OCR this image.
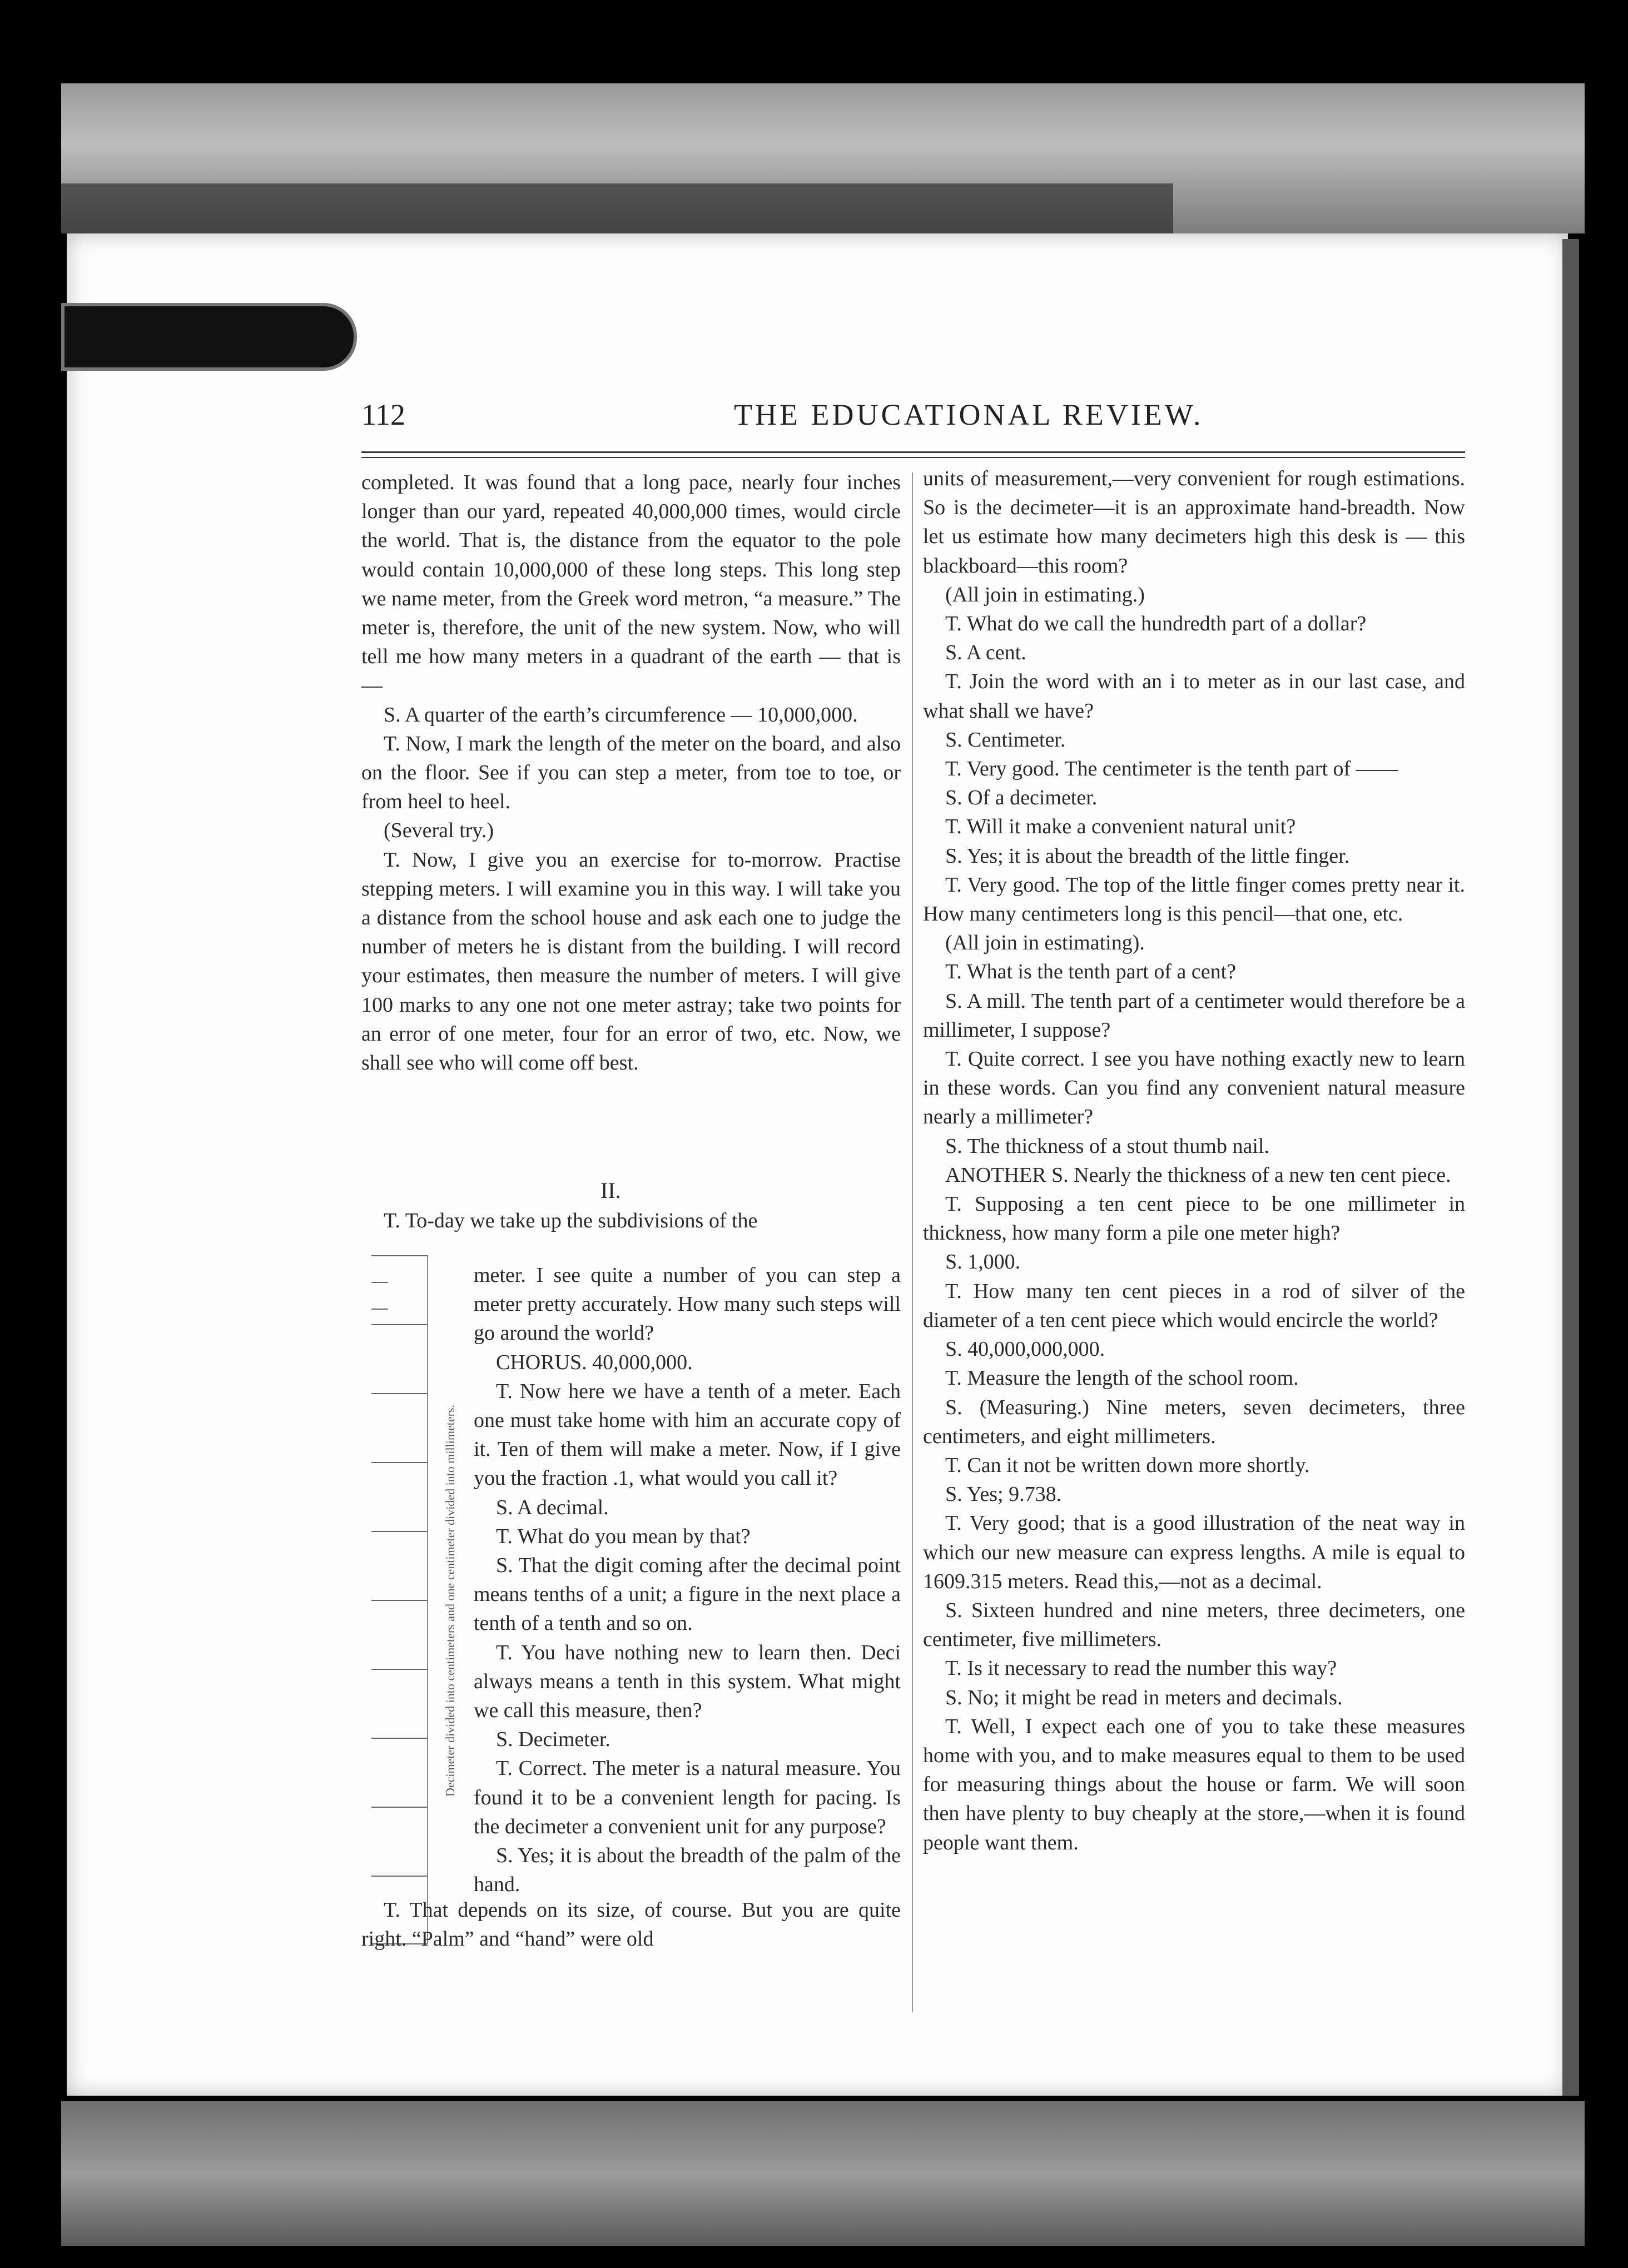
112	THE EDUCATIONAL REVIEW.

completed. It was found that a long pace, nearly four inches longer than our yard, repeated 40,000,000 times, would circle the world. That is, the distance from the equator to the pole would contain 10,000,000 of these long steps. This long step we name meter, from the Greek word metron, “a measure.” The meter is, therefore, the unit of the new system. Now, who will tell me how many meters in a quadrant of the earth — that is —

S. A quarter of the earth’s circumference — 10,000,000.

T. Now, I mark the length of the meter on the board, and also on the floor. See if you can step a meter, from toe to toe, or from heel to heel.

(Several try.)

T. Now, I give you an exercise for to-morrow. Practise stepping meters. I will examine you in this way. I will take you a distance from the school house and ask each one to judge the number of meters he is distant from the building. I will record your estimates, then measure the number of meters. I will give 100 marks to any one not one meter astray; take two points for an error of one meter, four for an error of two, etc. Now, we shall see who will come off best.

II.

T. To-day we take up the subdivisions of the

Decimeter divided into centimeters and one centimeter divided into millimeters.

meter. I see quite a number of you can step a meter pretty accurately. How many such steps will go around the world?

CHORUS. 40,000,000.

T. Now here we have a tenth of a meter. Each one must take home with him an accurate copy of it. Ten of them will make a meter. Now, if I give you the fraction .1, what would you call it?

S. A decimal.

T. What do you mean by that?

S. That the digit coming after the decimal point means tenths of a unit; a figure in the next place a tenth of a tenth and so on.

T. You have nothing new to learn then. Deci always means a tenth in this system. What might we call this measure, then?

S. Decimeter.

T. Correct. The meter is a natural measure. You found it to be a convenient length for pacing. Is the decimeter a convenient unit for any purpose?

S. Yes; it is about the breadth of the palm of the hand.

T. That depends on its size, of course. But you are quite right. “Palm” and “hand” were old

units of measurement,—very convenient for rough estimations. So is the decimeter—it is an approximate hand-breadth. Now let us estimate how many decimeters high this desk is — this blackboard—this room?

(All join in estimating.)

T. What do we call the hundredth part of a dollar?

S. A cent.

T. Join the word with an i to meter as in our last case, and what shall we have?

S. Centimeter.

T. Very good. The centimeter is the tenth part of ——

S. Of a decimeter.

T. Will it make a convenient natural unit?

S. Yes; it is about the breadth of the little finger.

T. Very good. The top of the little finger comes pretty near it. How many centimeters long is this pencil—that one, etc.

(All join in estimating).

T. What is the tenth part of a cent?

S. A mill. The tenth part of a centimeter would therefore be a millimeter, I suppose?

T. Quite correct. I see you have nothing exactly new to learn in these words. Can you find any convenient natural measure nearly a millimeter?

S. The thickness of a stout thumb nail.

ANOTHER S. Nearly the thickness of a new ten cent piece.

T. Supposing a ten cent piece to be one millimeter in thickness, how many form a pile one meter high?

S. 1,000.

T. How many ten cent pieces in a rod of silver of the diameter of a ten cent piece which would encircle the world?

S. 40,000,000,000.

T. Measure the length of the school room.

S. (Measuring.) Nine meters, seven decimeters, three centimeters, and eight millimeters.

T. Can it not be written down more shortly.

S. Yes; 9.738.

T. Very good; that is a good illustration of the neat way in which our new measure can express lengths. A mile is equal to 1609.315 meters. Read this,—not as a decimal.

S. Sixteen hundred and nine meters, three decimeters, one centimeter, five millimeters.

T. Is it necessary to read the number this way?

S. No; it might be read in meters and decimals.

T. Well, I expect each one of you to take these measures home with you, and to make measures equal to them to be used for measuring things about the house or farm. We will soon then have plenty to buy cheaply at the store,—when it is found people want them.
